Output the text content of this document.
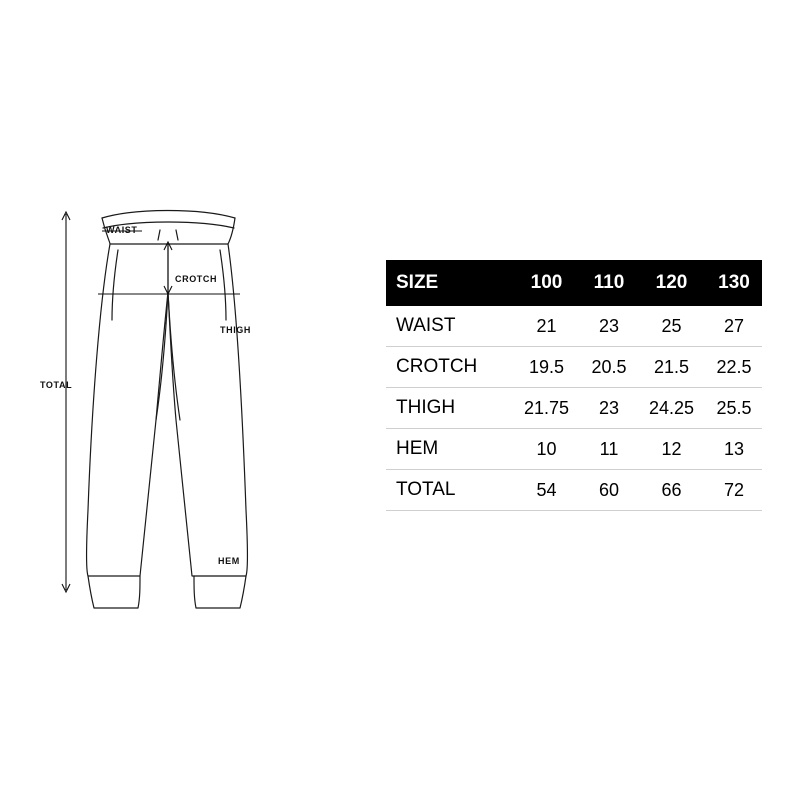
TOTAL
WAIST
CROTCH
THIGH
HEM
SIZE	100	110	120	130
WAIST	21	23	25	27
CROTCH	19.5	20.5	21.5	22.5
THIGH	21.75	23	24.25	25.5
HEM	10	11	12	13
TOTAL	54	60	66	72
